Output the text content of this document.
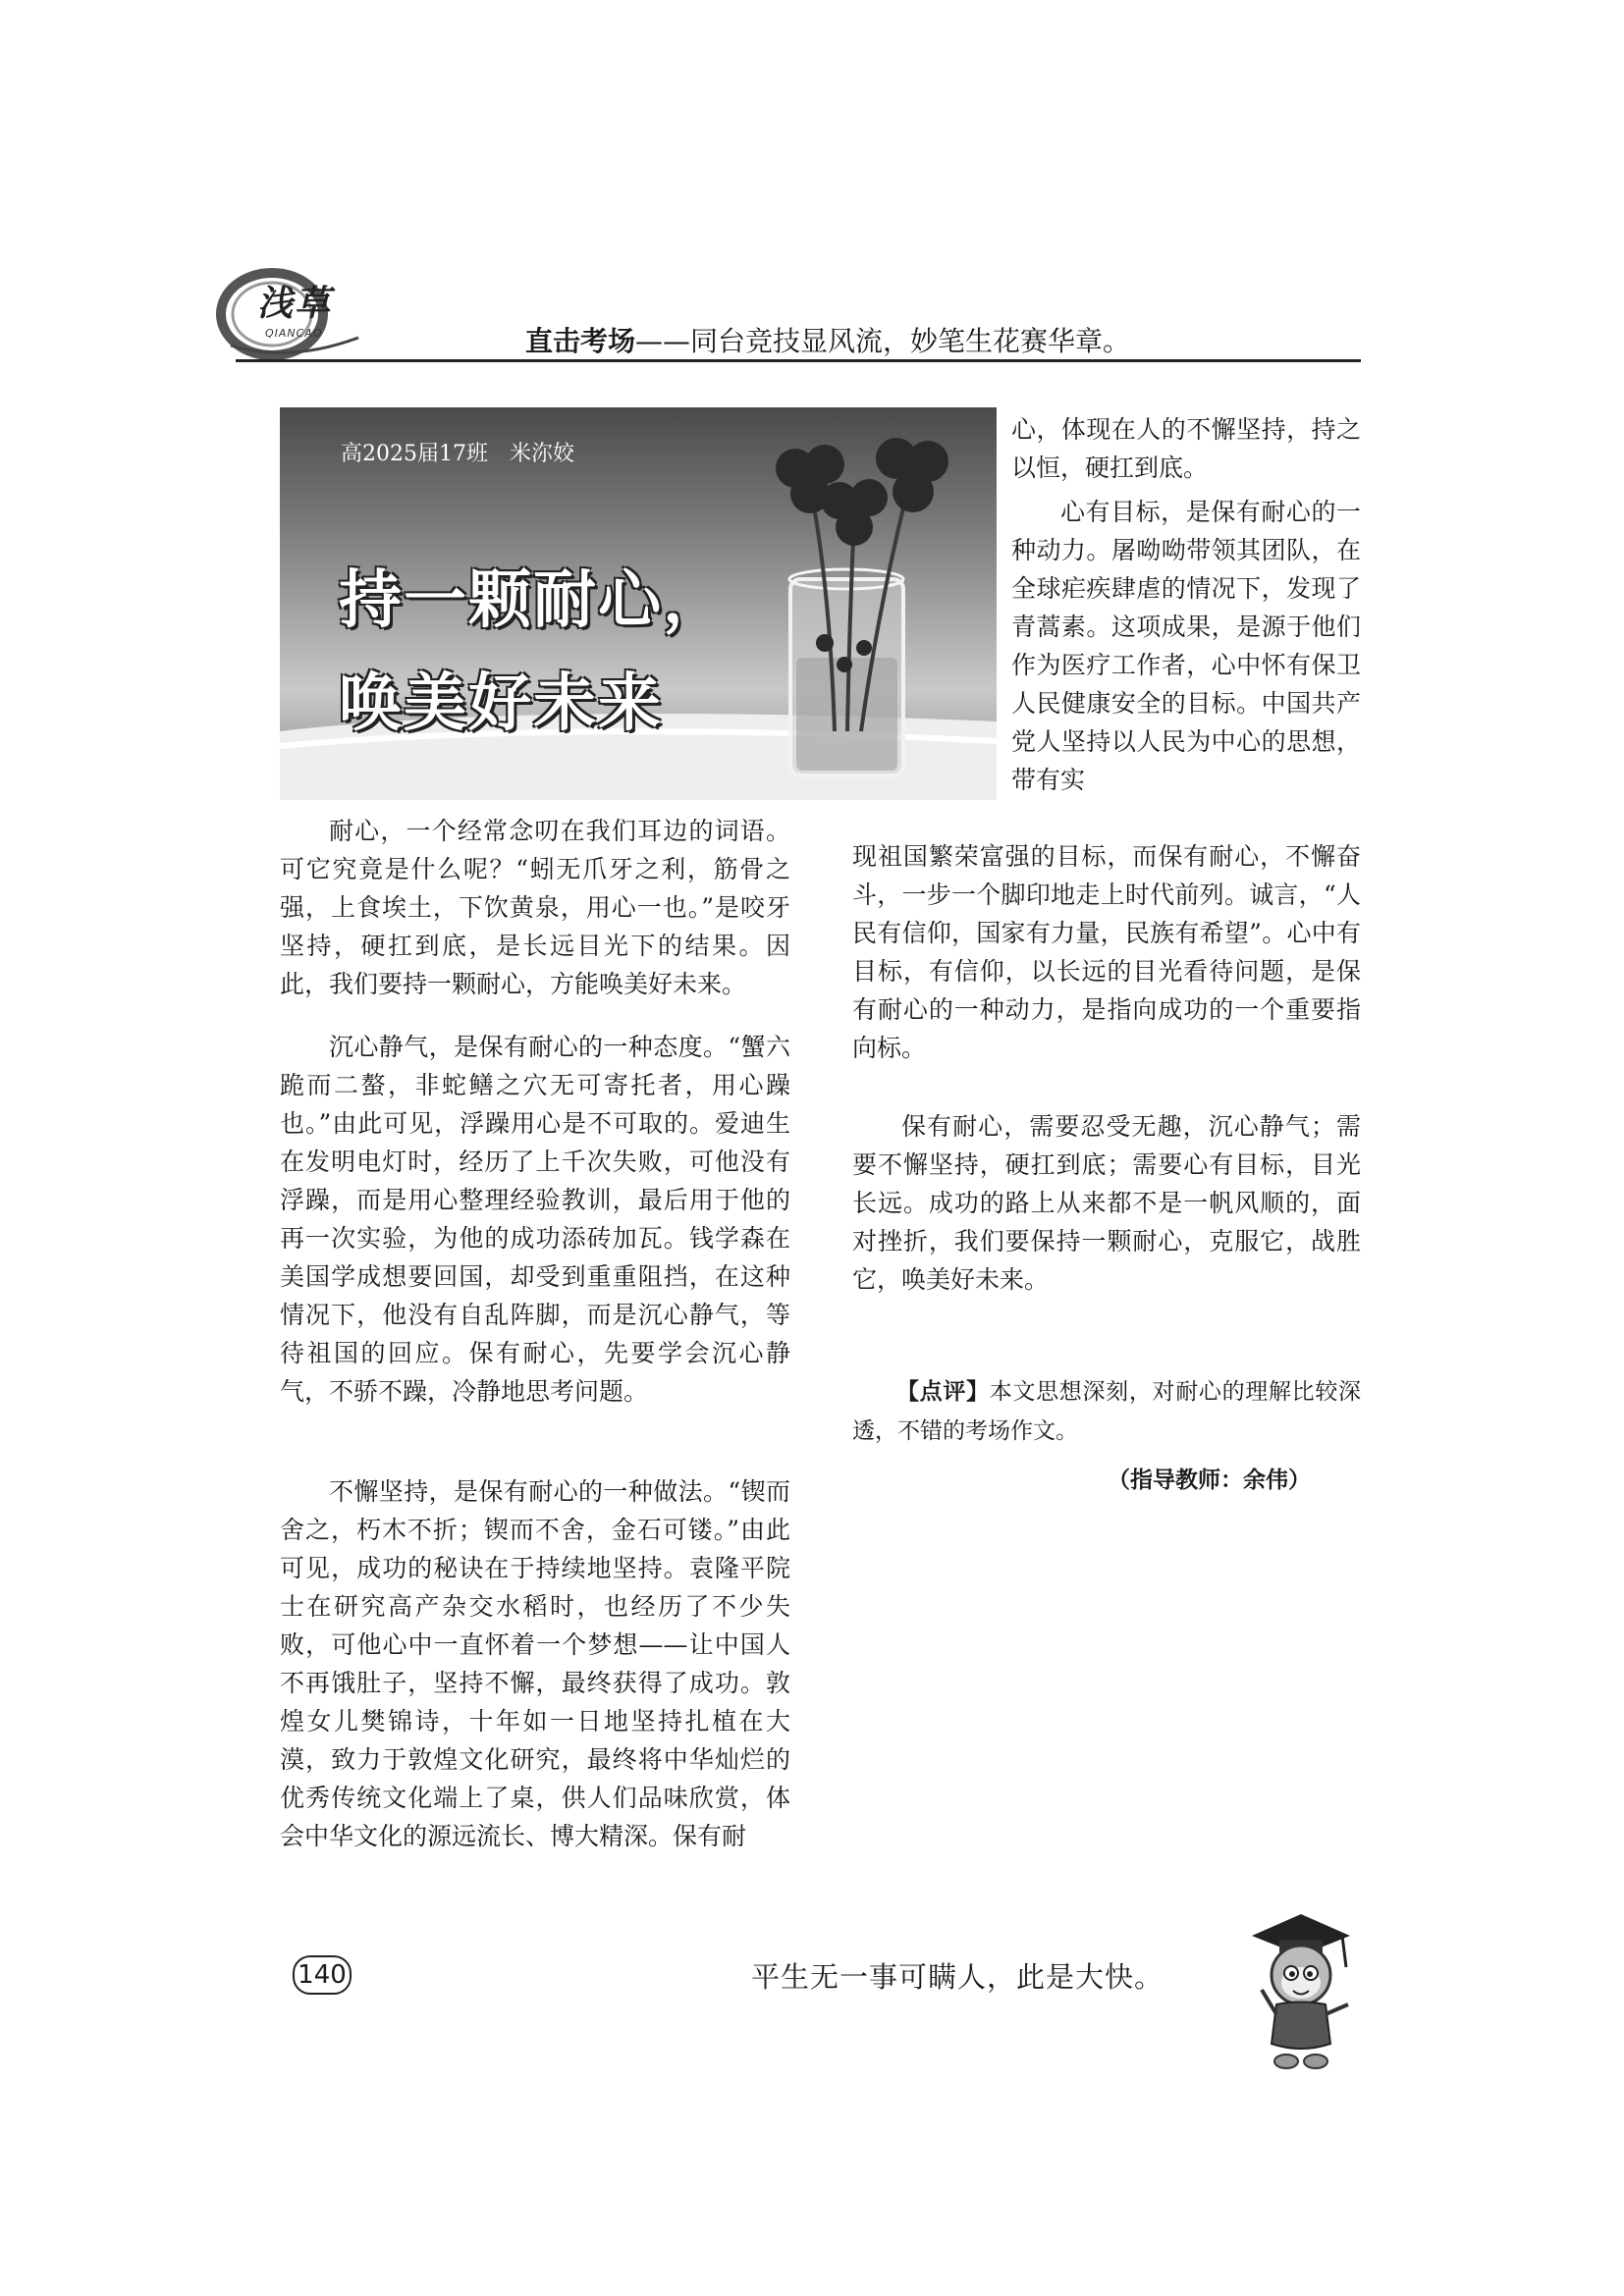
浅草
QIANCAO	直击考场——同台竞技显风流，妙笔生花赛华章。
高2025届17班　米沵姣
持一颗耐心，
唤美好未来

耐心，一个经常念叨在我们耳边的词语。可它究竟是什么呢？“蚓无爪牙之利，筋骨之强，上食埃土，下饮黄泉，用心一也。”是咬牙坚持，硬扛到底，是长远目光下的结果。因此，我们要持一颗耐心，方能唤美好未来。

沉心静气，是保有耐心的一种态度。“蟹六跪而二螯，非蛇鳝之穴无可寄托者，用心躁也。”由此可见，浮躁用心是不可取的。爱迪生在发明电灯时，经历了上千次失败，可他没有浮躁，而是用心整理经验教训，最后用于他的再一次实验，为他的成功添砖加瓦。钱学森在美国学成想要回国，却受到重重阻挡，在这种情况下，他没有自乱阵脚，而是沉心静气，等待祖国的回应。保有耐心，先要学会沉心静气，不骄不躁，冷静地思考问题。

不懈坚持，是保有耐心的一种做法。“锲而舍之，朽木不折；锲而不舍，金石可镂。”由此可见，成功的秘诀在于持续地坚持。袁隆平院士在研究高产杂交水稻时，也经历了不少失败，可他心中一直怀着一个梦想——让中国人不再饿肚子，坚持不懈，最终获得了成功。敦煌女儿樊锦诗，十年如一日地坚持扎植在大漠，致力于敦煌文化研究，最终将中华灿烂的优秀传统文化端上了桌，供人们品味欣赏，体会中华文化的源远流长、博大精深。保有耐

心，体现在人的不懈坚持，持之以恒，硬扛到底。

心有目标，是保有耐心的一种动力。屠呦呦带领其团队，在全球疟疾肆虐的情况下，发现了青蒿素。这项成果，是源于他们作为医疗工作者，心中怀有保卫人民健康安全的目标。中国共产党人坚持以人民为中心的思想，带有实

现祖国繁荣富强的目标，而保有耐心，不懈奋斗，一步一个脚印地走上时代前列。诚言，“人民有信仰，国家有力量，民族有希望”。心中有目标，有信仰，以长远的目光看待问题，是保有耐心的一种动力，是指向成功的一个重要指向标。

保有耐心，需要忍受无趣，沉心静气；需要不懈坚持，硬扛到底；需要心有目标，目光长远。成功的路上从来都不是一帆风顺的，面对挫折，我们要保持一颗耐心，克服它，战胜它，唤美好未来。

【点评】本文思想深刻，对耐心的理解比较深透，不错的考场作文。

（指导教师：余伟）
140	平生无一事可瞒人，此是大快。
